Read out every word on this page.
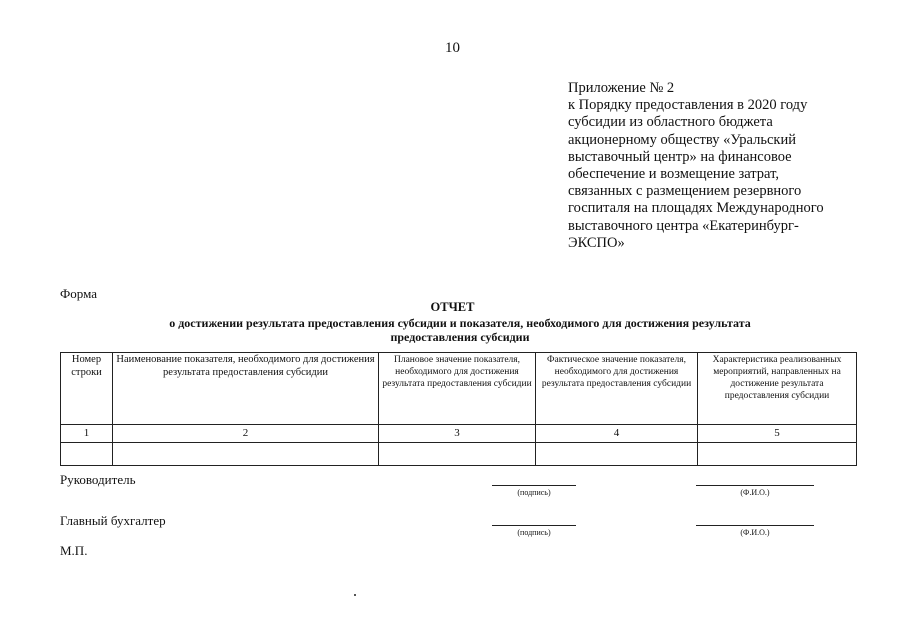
10
Приложение № 2
к Порядку предоставления в 2020 году
субсидии из областного бюджета
акционерному обществу «Уральский
выставочный центр» на финансовое
обеспечение и возмещение затрат,
связанных с размещением резервного
госпиталя на площадях Международного
выставочного центра «Екатеринбург-
ЭКСПО»
Форма
ОТЧЕТ
о достижении результата предоставления субсидии и показателя, необходимого для достижения результата
предоставления субсидии
Номер строки	Наименование показателя, необходимого для достижения результата предоставления субсидии	Плановое значение показателя, необходимого для достижения результата предоставления субсидии	Фактическое значение показателя, необходимого для достижения результата предоставления субсидии	Характеристика реализованных мероприятий, направленных на достижение результата предоставления субсидии
1	2	3	4	5

Руководитель
(подпись)	(Ф.И.О.)
Главный бухгалтер
(подпись)	(Ф.И.О.)
М.П.
